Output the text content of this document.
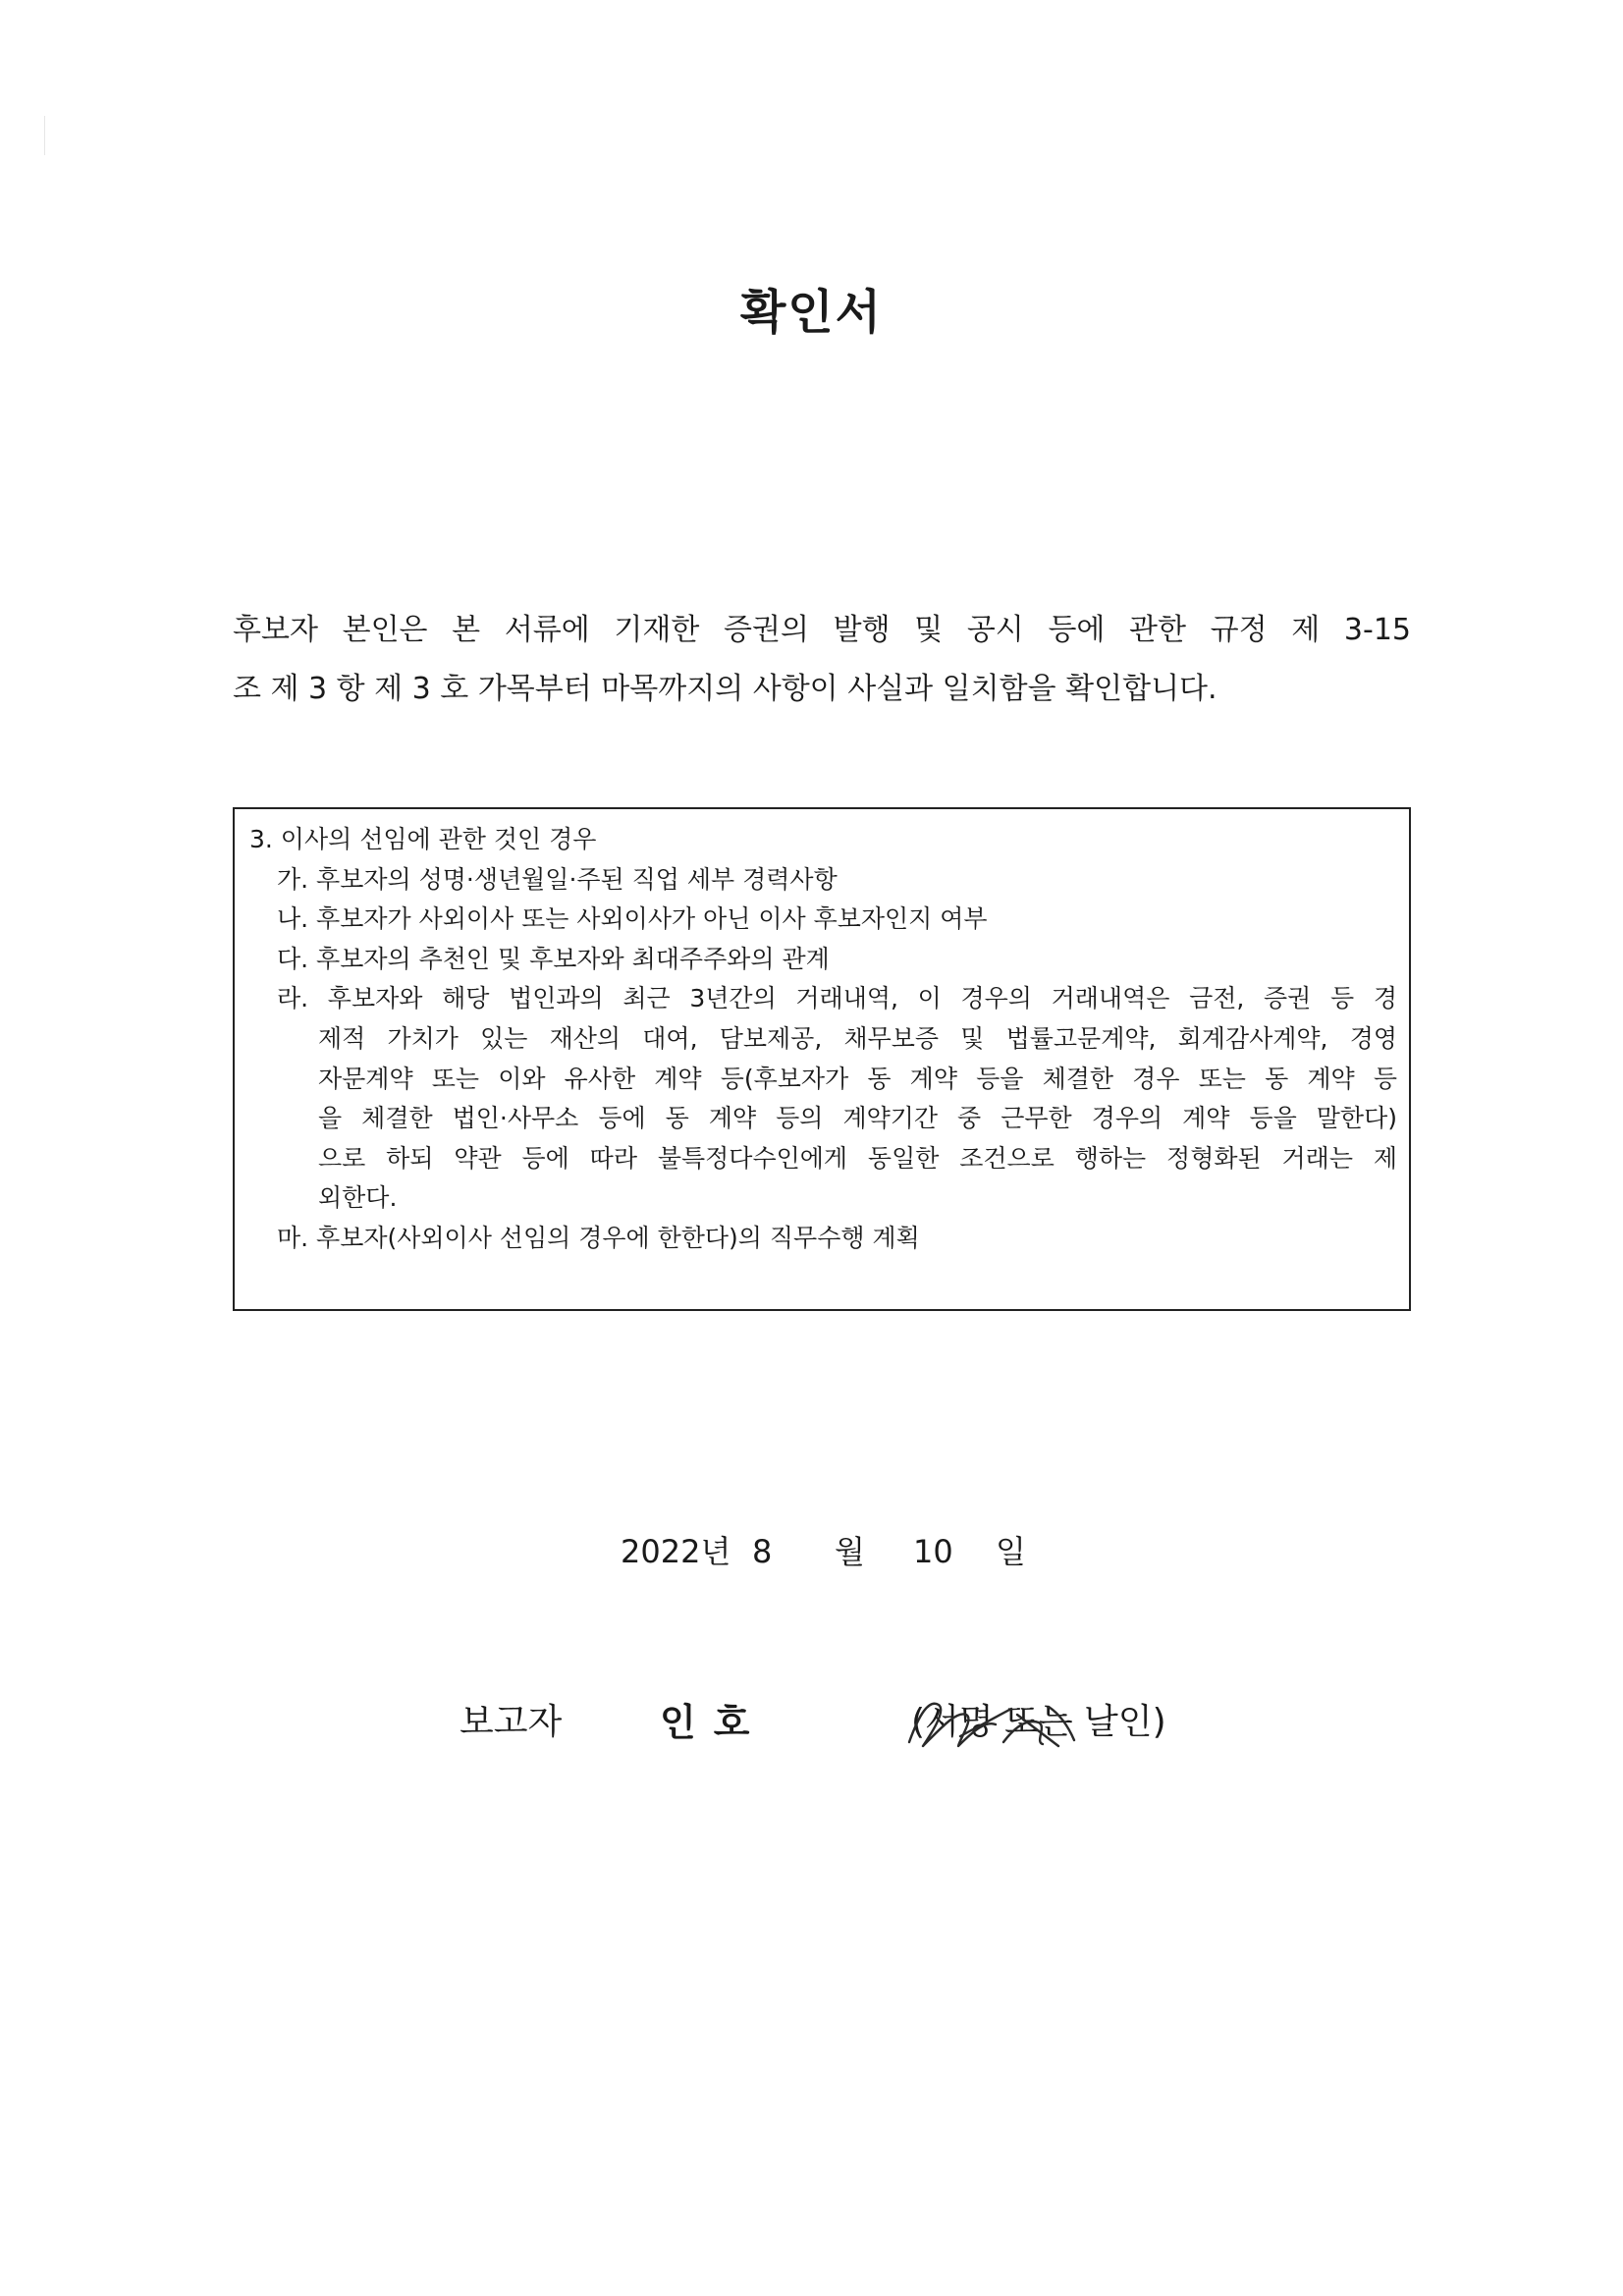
확인서
후보자 본인은 본 서류에 기재한 증권의 발행 및 공시 등에 관한 규정 제 3-15
조 제 3 항 제 3 호 가목부터 마목까지의 사항이 사실과 일치함을 확인합니다.
3. 이사의 선임에 관한 것인 경우
가. 후보자의 성명·생년월일·주된 직업 세부 경력사항
나. 후보자가 사외이사 또는 사외이사가 아닌 이사 후보자인지 여부
다. 후보자의 추천인 및 후보자와 최대주주와의 관계
라. 후보자와 해당 법인과의 최근 3년간의 거래내역, 이 경우의 거래내역은 금전, 증권 등 경
제적 가치가 있는 재산의 대여, 담보제공, 채무보증 및 법률고문계약, 회계감사계약, 경영
자문계약 또는 이와 유사한 계약 등(후보자가 동 계약 등을 체결한 경우 또는 동 계약 등
을 체결한 법인·사무소 등에 동 계약 등의 계약기간 중 근무한 경우의 계약 등을 말한다)
으로 하되 약관 등에 따라 불특정다수인에게 동일한 조건으로 행하는 정형화된 거래는 제
외한다.
마. 후보자(사외이사 선임의 경우에 한한다)의 직무수행 계획
2022년 8 월 10 일
보고자	인호	(서명 또는 날인)
